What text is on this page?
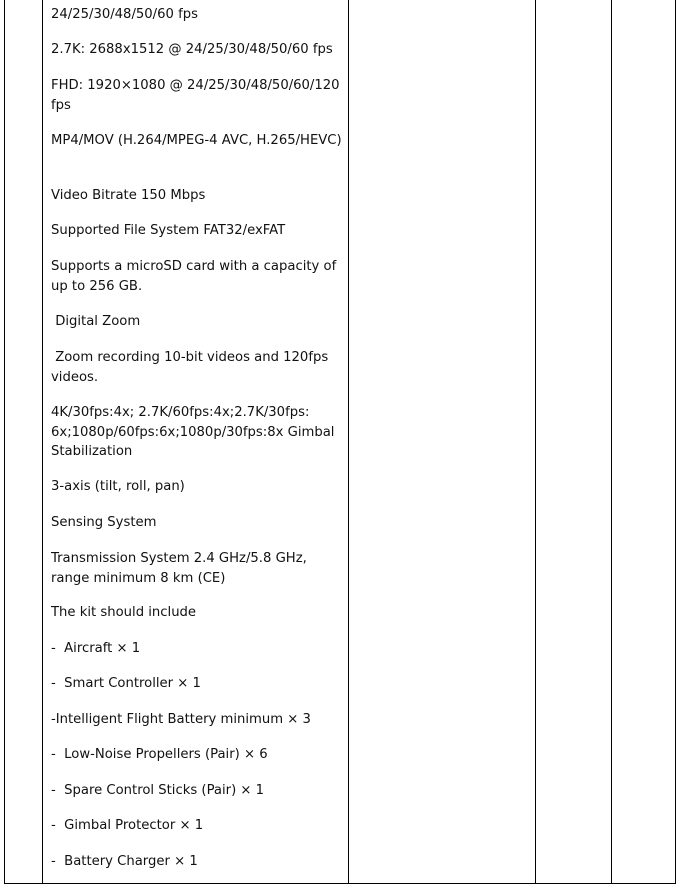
24/25/30/48/50/60 fps

2.7K: 2688x1512 @ 24/25/30/48/50/60 fps

FHD: 1920×1080 @ 24/25/30/48/50/60/120 fps

MP4/MOV (H.264/MPEG-4 AVC, H.265/HEVC)

Video Bitrate 150 Mbps

Supported File System FAT32/exFAT

Supports a microSD card with a capacity of up to 256 GB.

Digital Zoom

Zoom recording 10-bit videos and 120fps videos.

4K/30fps:4x; 2.7K/60fps:4x;2.7K/30fps: 6x;1080p/60fps:6x;1080p/30fps:8x Gimbal Stabilization

3-axis (tilt, roll, pan)

Sensing System

Transmission System 2.4 GHz/5.8 GHz, range minimum 8 km (CE)

The kit should include

-  Aircraft × 1

-  Smart Controller × 1

-Intelligent Flight Battery minimum × 3

-  Low-Noise Propellers (Pair) × 6

-  Spare Control Sticks (Pair) × 1

-  Gimbal Protector × 1

-  Battery Charger × 1
